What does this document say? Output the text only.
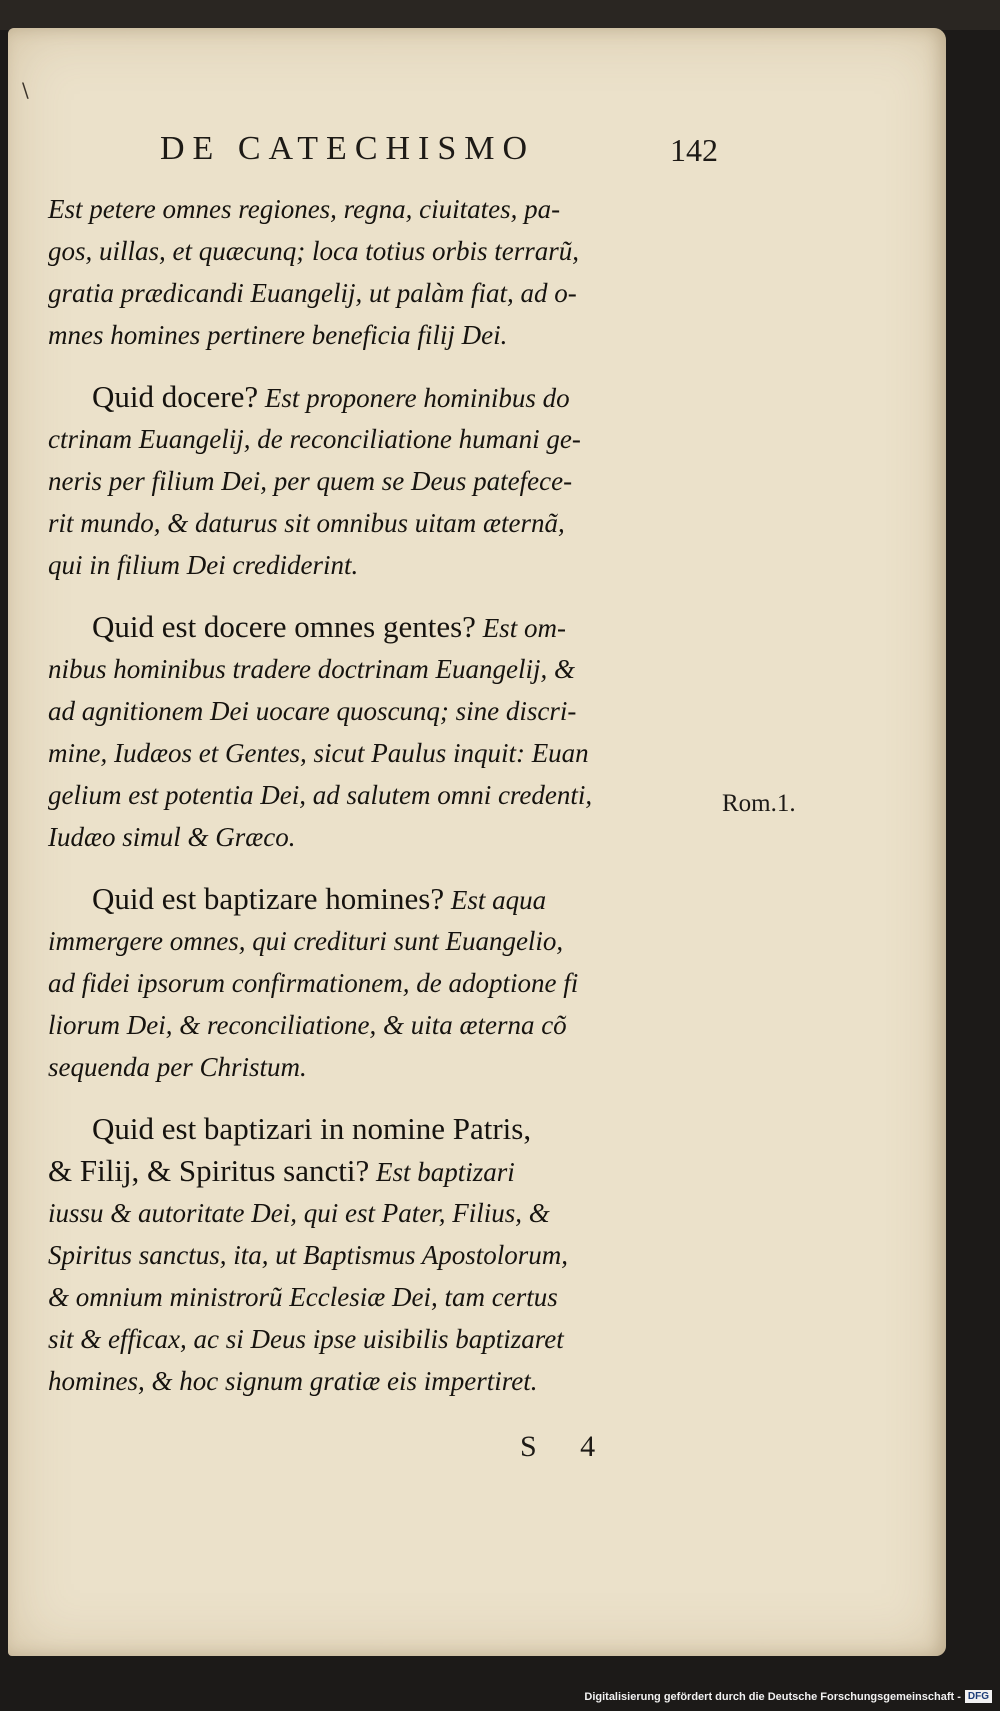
\
DE CATECHISMO	142
Est petere omnes regiones, regna, ciuitates, pa-
gos, uillas, et quæcunq; loca totius orbis terrarũ,
gratia prædicandi Euangelij, ut palàm fiat, ad o-
mnes homines pertinere beneficia filij Dei.
Quid docere? Est proponere hominibus do
ctrinam Euangelij, de reconciliatione humani ge-
neris per filium Dei, per quem se Deus patefece-
rit mundo, & daturus sit omnibus uitam æternã,
qui in filium Dei crediderint.
Quid est docere omnes gentes? Est om-
nibus hominibus tradere doctrinam Euangelij, &
ad agnitionem Dei uocare quoscunq; sine discri-
mine, Iudæos et Gentes, sicut Paulus inquit: Euan
gelium est potentia Dei, ad salutem omni credenti,
Iudæo simul & Græco.
Quid est baptizare homines? Est aqua
immergere omnes, qui credituri sunt Euangelio,
ad fidei ipsorum confirmationem, de adoptione fi
liorum Dei, & reconciliatione, & uita æterna cõ
sequenda per Christum.
Quid est baptizari in nomine Patris,
& Filij, & Spiritus sancti? Est baptizari
iussu & autoritate Dei, qui est Pater, Filius, &
Spiritus sanctus, ita, ut Baptismus Apostolorum,
& omnium ministrorũ Ecclesiæ Dei, tam certus
sit & efficax, ac si Deus ipse uisibilis baptizaret
homines, & hoc signum gratiæ eis impertiret.
Rom.1.
S 4
Digitalisierung gefördert durch die Deutsche Forschungsgemeinschaft - DFG
